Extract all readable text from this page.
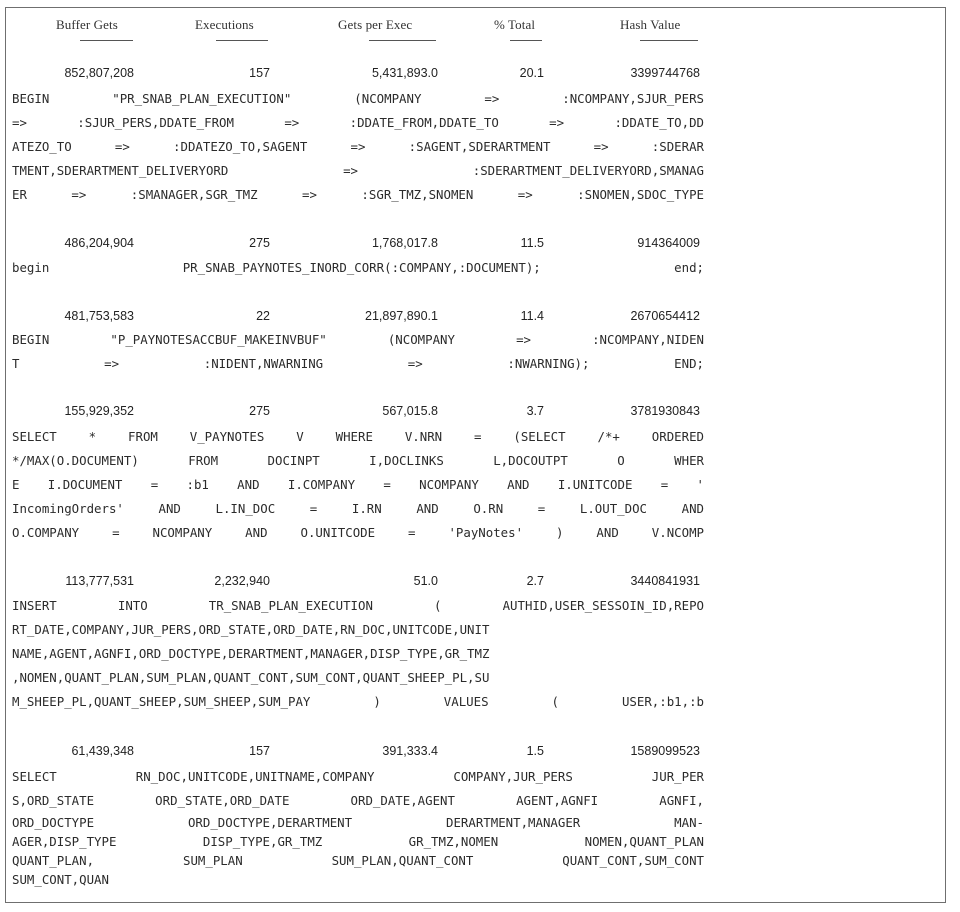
Buffer Gets	Executions	Gets per Exec	% Total	Hash Value
852,807,208	157	5,431,893.0	20.1	3399744768
BEGIN "PR_SNAB_PLAN_EXECUTION" (NCOMPANY => :NCOMPANY,SJUR_PERS
=> :SJUR_PERS,DDATE_FROM => :DDATE_FROM,DDATE_TO => :DDATE_TO,DD
ATEZO_TO => :DDATEZO_TO,SAGENT => :SAGENT,SDERARTMENT => :SDERAR
TMENT,SDERARTMENT_DELIVERYORD => :SDERARTMENT_DELIVERYORD,SMANAG
ER => :SMANAGER,SGR_TMZ => :SGR_TMZ,SNOMEN => :SNOMEN,SDOC_TYPE
486,204,904	275	1,768,017.8	11.5	914364009
begin PR_SNAB_PAYNOTES_INORD_CORR(:COMPANY,:DOCUMENT); end;
481,753,583	22	21,897,890.1	11.4	2670654412
BEGIN "P_PAYNOTESACCBUF_MAKEINVBUF" (NCOMPANY => :NCOMPANY,NIDEN
T => :NIDENT,NWARNING => :NWARNING); END;
155,929,352	275	567,015.8	3.7	3781930843
SELECT * FROM V_PAYNOTES V WHERE V.NRN = (SELECT /*+ ORDERED
*/MAX(O.DOCUMENT) FROM DOCINPT I,DOCLINKS L,DOCOUTPT O WHER
E I.DOCUMENT = :b1 AND I.COMPANY = NCOMPANY AND I.UNITCODE = '
IncomingOrders' AND L.IN_DOC = I.RN AND O.RN = L.OUT_DOC AND
O.COMPANY = NCOMPANY AND O.UNITCODE = 'PayNotes' ) AND V.NCOMP
113,777,531	2,232,940	51.0	2.7	3440841931
INSERT INTO TR_SNAB_PLAN_EXECUTION ( AUTHID,USER_SESSOIN_ID,REPO
RT_DATE,COMPANY,JUR_PERS,ORD_STATE,ORD_DATE,RN_DOC,UNITCODE,UNIT
NAME,AGENT,AGNFI,ORD_DOCTYPE,DERARTMENT,MANAGER,DISP_TYPE,GR_TMZ
,NOMEN,QUANT_PLAN,SUM_PLAN,QUANT_CONT,SUM_CONT,QUANT_SHEEP_PL,SU
M_SHEEP_PL,QUANT_SHEEP,SUM_SHEEP,SUM_PAY ) VALUES ( USER,:b1,:b
61,439,348	157	391,333.4	1.5	1589099523
SELECT RN_DOC,UNITCODE,UNITNAME,COMPANY COMPANY,JUR_PERS JUR_PER
S,ORD_STATE ORD_STATE,ORD_DATE ORD_DATE,AGENT AGENT,AGNFI AGNFI,
ORD_DOCTYPE ORD_DOCTYPE,DERARTMENT DERARTMENT,MANAGER MAN-
AGER,DISP_TYPE DISP_TYPE,GR_TMZ GR_TMZ,NOMEN NOMEN,QUANT_PLAN
QUANT_PLAN, SUM_PLAN SUM_PLAN,QUANT_CONT QUANT_CONT,SUM_CONT
SUM_CONT,QUAN
